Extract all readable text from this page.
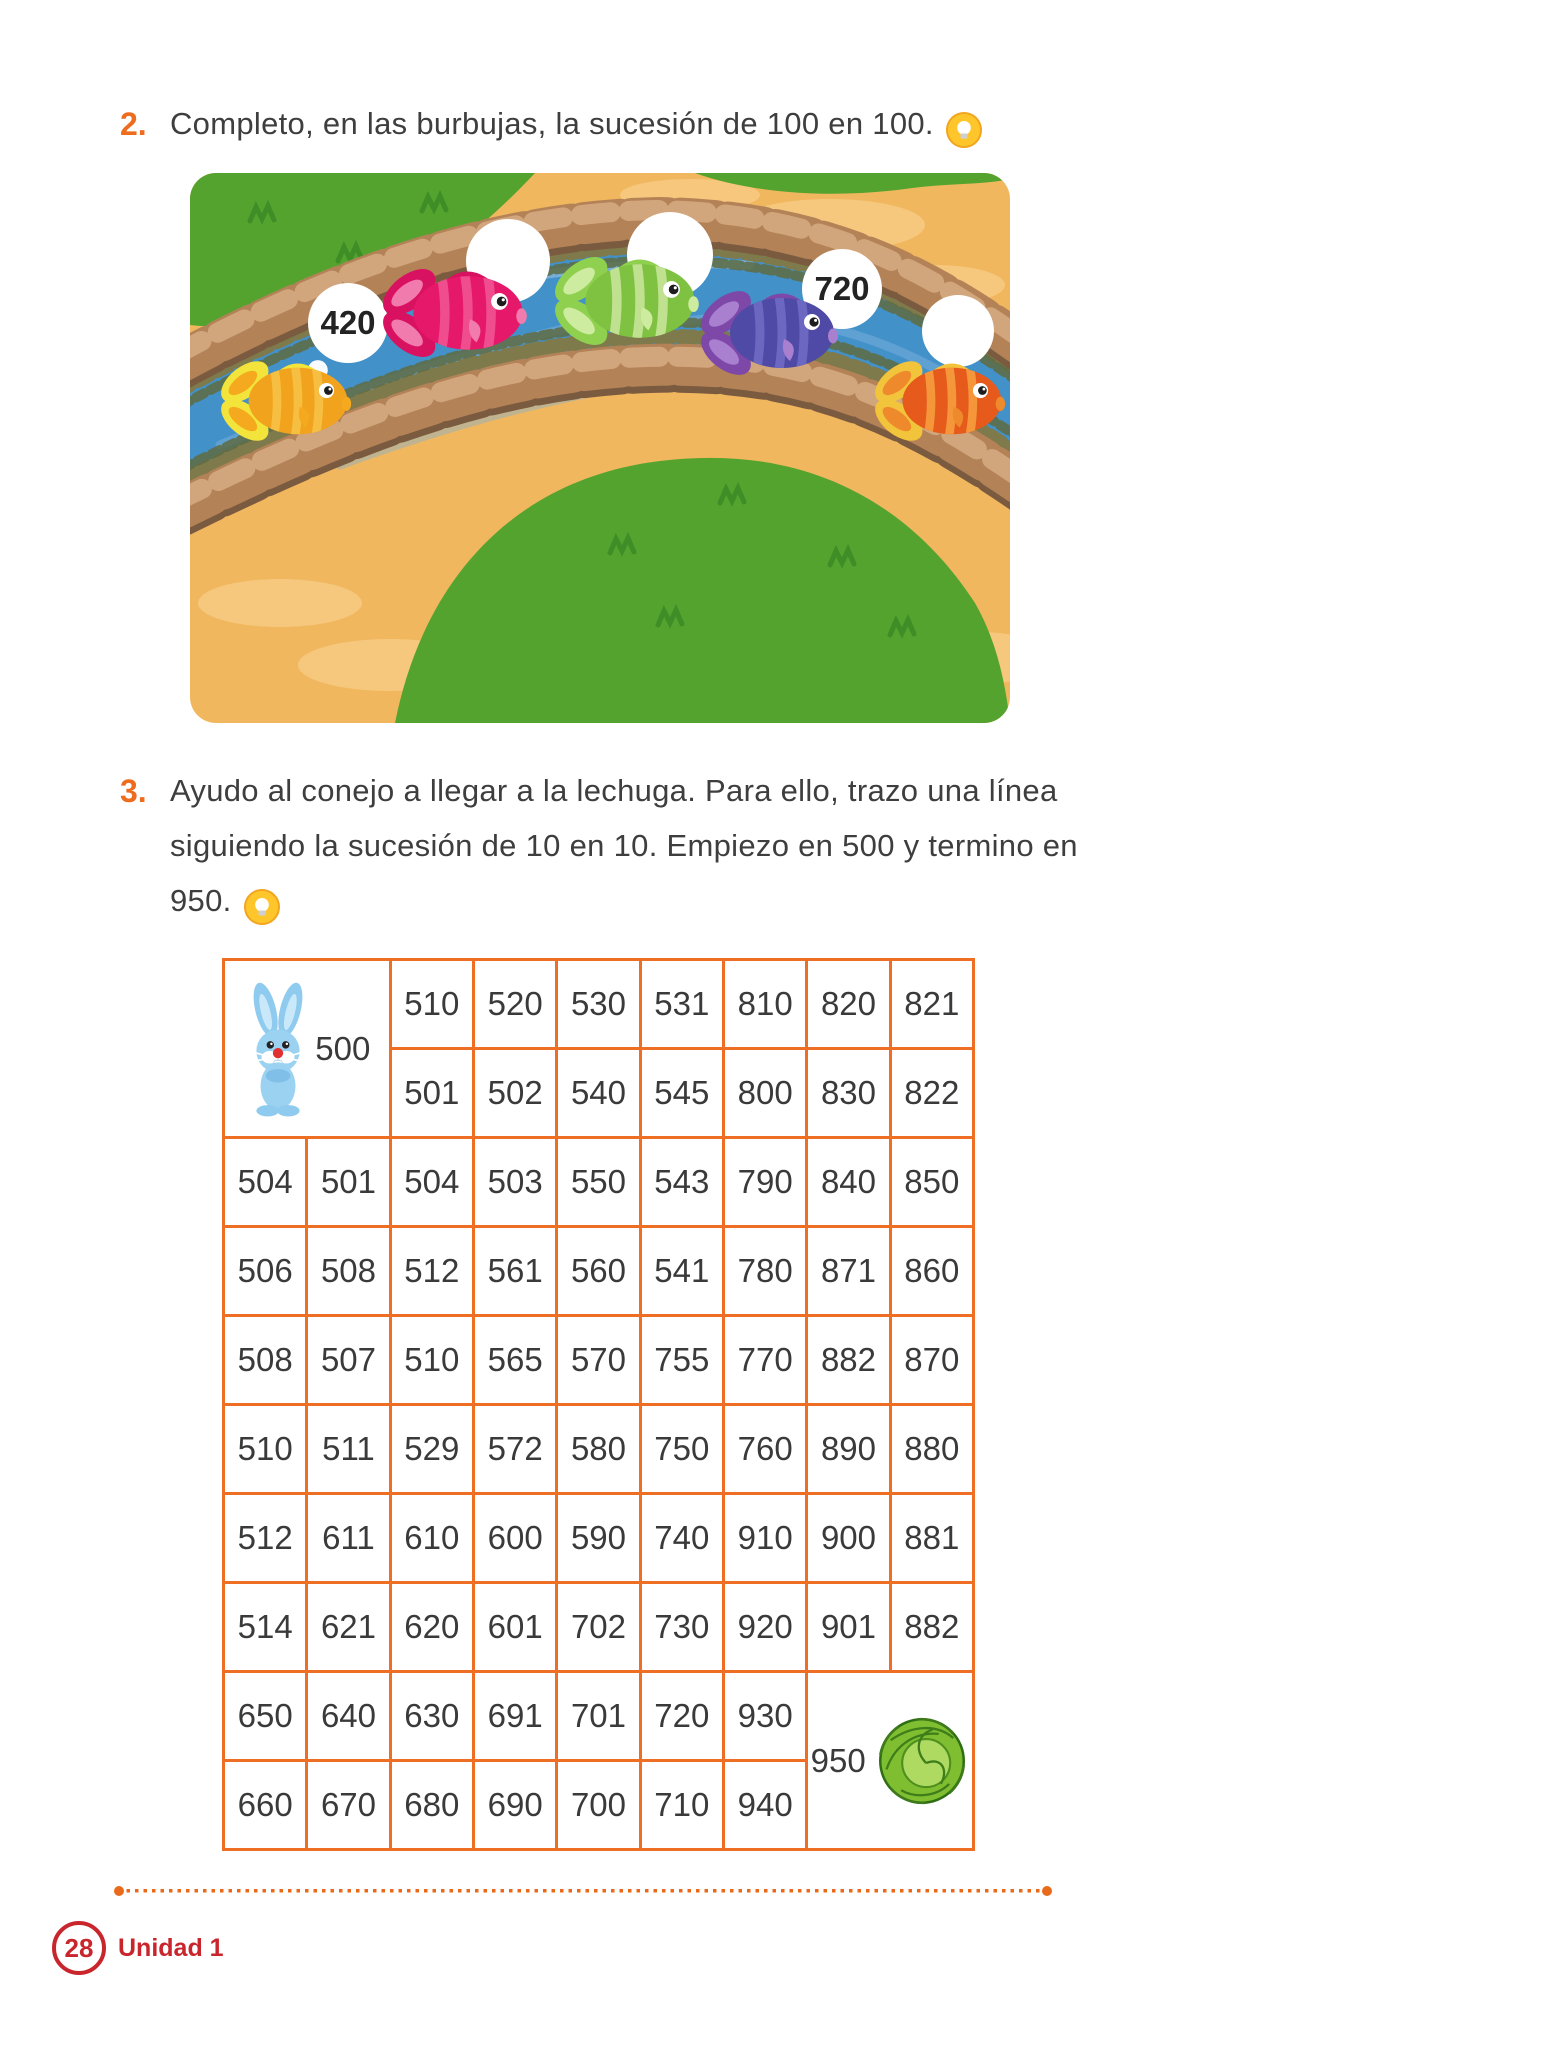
2. Completo, en las burbujas, la sucesión de 100 en 100.

420
720
3. Ayudo al conejo a llegar a la lechuga. Para ello, trazo una línea
siguiendo la sucesión de 10 en 10. Empiezo en 500 y termino en
950.

500
510 520 530 531 810 820 821
501 502 540 545 800 830 822
504 501 504 503 550 543 790 840 850
506 508 512 561 560 541 780 871 860
508 507 510 565 570 755 770 882 870
510 511 529 572 580 750 760 890 880
512 611 610 600 590 740 910 900 881
514 621 620 601 702 730 920 901 882
650 640 630 691 701 720 930
660 670 680 690 700 710 940
950
28 Unidad 1
